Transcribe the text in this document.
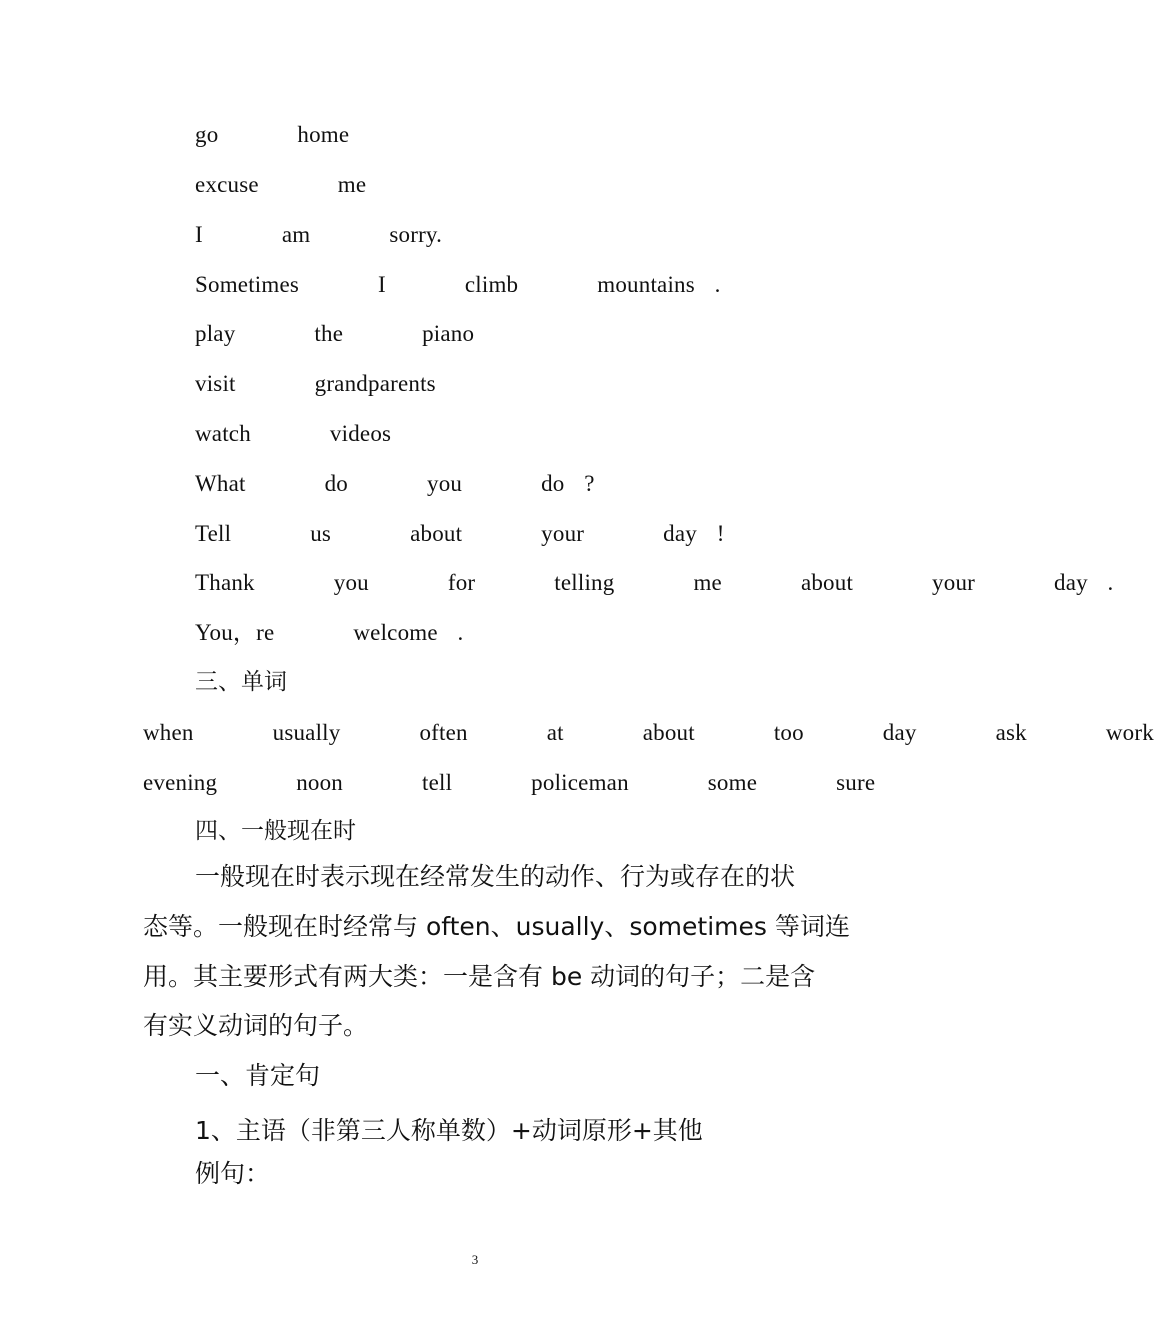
go    home
excuse    me
I    am    sorry.
Sometimes    I    climb    mountains .
play    the    piano
visit    grandparents
watch    videos
What    do    you    do ?
Tell    us    about    your    day !
Thank    you    for    telling    me    about    your    day .
You，re    welcome .
三、单词
when    usually    often    at    about    too    day    ask    work
evening    noon    tell    policeman    some    sure
四、一般现在时
一般现在时表示现在经常发生的动作、行为或存在的状
态等。一般现在时经常与 often、usually、sometimes 等词连
用。其主要形式有两大类：一是含有 be 动词的句子；二是含
有实义动词的句子。
一、肯定句
1、主语（非第三人称单数）+动词原形+其他
例句：
3
